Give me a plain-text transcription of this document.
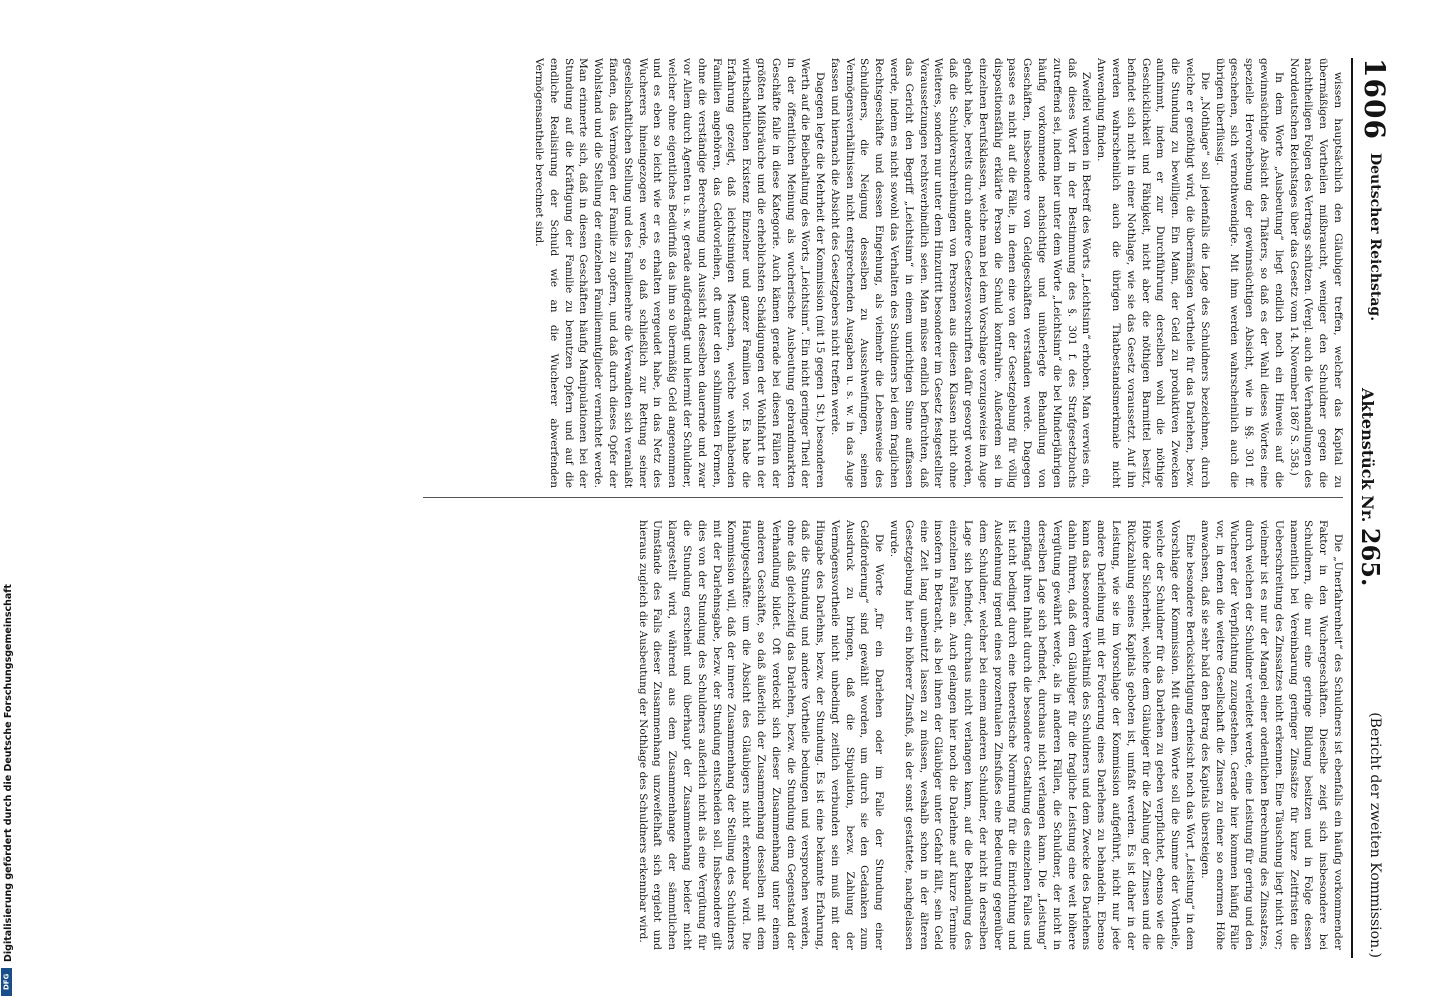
1606
Deutscher Reichstag.
Aktenstück Nr. 265.
(Bericht der zweiten Kommission.)

wissen hauptsächlich den Gläubiger treffen, welcher das Kapital zu übermäßigen Vortheilen mißbraucht, weniger den Schuldner gegen die nachtheiligen Folgen des Vertrags schützen. (Vergl. auch die Verhandlungen des Norddeutschen Reichstages über das Gesetz vom 14. November 1867 S. 358.)

In dem Worte „Ausbeutung“ liegt endlich noch ein Hinweis auf die gewinnsüchtige Absicht des Thäters, so daß es der Wahl dieses Wortes eine spezielle Hervorhebung der gewinnsüchtigen Absicht, wie in §§. 301 ff. geschehen, sich vernothwendigte. Mit ihm werden wahrscheinlich auch die übrigen überflüssig.

Die „Nothlage“ soll jedenfalls die Lage des Schuldners bezeichnen, durch welche er genöthigt wird, die übermäßigen Vortheile für das Darlehen, bezw. die Stundung zu bewilligen. Ein Mann, der Geld zu produktiven Zwecken aufnimmt, indem er zur Durchführung derselben wohl die nöthige Geschicklichkeit und Fähigkeit, nicht aber die nöthigen Barmittel besitzt, befindet sich nicht in einer Nothlage, wie sie das Gesetz voraussetzt. Auf ihn werden wahrscheinlich auch die übrigen Thatbestandsmerkmale nicht Anwendung finden.

Zweifel wurden in Betreff des Worts „Leichtsinn“ erhoben. Man verwies ein, daß dieses Wort in der Bestimmung des §. 301 f. des Strafgesetzbuchs zutreffend sei, indem hier unter dem Worte „Leichtsinn“ die bei Minderjährigen häufig vorkommende nachsichtige und unüberlegte Behandlung von Geschäften, insbesondere von Geldgeschäften verstanden werde. Dagegen passe es nicht auf die Fälle, in denen eine von der Gesetzgebung für völlig dispositionsfähig erklärte Person die Schuld kontrahire. Außerdem sei in einzelnen Berufsklassen, welche man bei dem Vorschlage vorzugsweise im Auge gehabt habe, bereits durch andere Gesetzesvorschriften dafür gesorgt worden, daß die Schuldverschreibungen von Personen aus diesen Klassen nicht ohne Weiteres, sondern nur unter dem Hinzutritt besonderer im Gesetz festgestellter Voraussetzungen rechtsverbindlich seien. Man müsse endlich befürchten, daß das Gericht den Begriff „Leichtsinn“ in einem unrichtigen Sinne auffassen werde, indem es nicht sowohl das Verhalten des Schuldners bei dem fraglichen Rechtsgeschäfte und dessen Eingehung, als vielmehr die Lebensweise des Schuldners, die Neigung desselben zu Ausschweifungen, seinen Vermögensverhältnissen nicht entsprechenden Ausgaben u. s. w. in das Auge fassen und hiernach die Absicht des Gesetzgebers nicht treffen werde.

Dagegen legte die Mehrheit der Kommission (mit 15 gegen 1 St.) besonderen Werth auf die Beibehaltung des Worts „Leichtsinn“. Ein nicht geringer Theil der in der öffentlichen Meinung als wucherische Ausbeutung gebrandmarkten Geschäfte falle in diese Kategorie. Auch kämen gerade bei diesen Fällen der größten Mißbräuche und die erheblichsten Schädigungen der Wohlfahrt in der wirthschaftlichen Existenz Einzelner und ganzer Familien vor. Es habe die Erfahrung gezeigt, daß leichtsinnigen Menschen, welche wohlhabenden Familien angehören, das Geldvorleihen, oft unter den schlimmsten Formen, ohne die verständige Berechnung und Aussicht desselben dauernde und zwar vor Allem durch Agenten u. s. w. gerade aufgedrängt und hiermit der Schuldner, welcher ohne eigentliches Bedürfniß das ihm so übermäßig Geld angenommen und es eben so leicht wie er es erhalten vergeudet habe, in das Netz des Wucherers hineingezogen werde, so daß schließlich zur Rettung seiner gesellschaftlichen Stellung und des Familienehre die Verwandten sich veranlaßt fänden, das Vermögen der Familie zu opfern, und daß durch dieses Opfer der Wohlstand und die Stellung der einzelnen Familienmitglieder vernichtet werde. Man erinnerte sich, daß in diesen Geschäften häufig Manipulationen bei der Stundung auf die Kräftigung der Familie zu benutzen Opfern und auf die endliche Realisirung der Schuld wie an die Wucherer abwerfenden Vermögensantheile berechnet sind.

Die „Unerfahrenheit“ des Schuldners ist ebenfalls ein häufig vorkommender Faktor in den Wuchergeschäften. Dieselbe zeigt sich insbesondere bei Schuldnern, die nur eine geringe Bildung besitzen und in Folge dessen namentlich bei Vereinbarung geringer Zinssätze für kurze Zeitfristen die Ueberschreitung des Zinssatzes nicht erkennen. Eine Täuschung liegt nicht vor; vielmehr ist es nur der Mangel einer ordentlichen Berechnung des Zinssatzes, durch welchen der Schuldner verleitet werde, eine Leistung für gering und den Wucherer der Verpflichtung zuzugestehen. Gerade hier kommen häufig Fälle vor, in denen die weitere Gesellschaft die Zinsen zu einer so enormen Höhe anwachsen, daß sie sehr bald den Betrag des Kapitals übersteigen.

Eine besondere Berücksichtigung erheischt noch das Wort „Leistung“ in dem Vorschlage der Kommission. Mit diesem Worte soll die Summe der Vortheile, welche der Schuldner für das Darlehen zu geben verpflichtet, ebenso wie die Höhe der Sicherheit, welche dem Gläubiger für die Zahlung der Zinsen und die Rückzahlung seines Kapitals geboten ist, umfaßt werden. Es ist daher in der Leistung, wie sie im Vorschlage der Kommission aufgeführt, nicht nur jede andere Darleihung mit der Forderung eines Darlehens zu behandeln. Ebenso kann das besondere Verhältniß des Schuldners und dem Zwecke des Darlehens dahin führen, daß dem Gläubiger für die fragliche Leistung eine weit höhere Vergütung gewährt werde, als in anderen Fällen, die Schuldner, der nicht in derselben Lage sich befindet, durchaus nicht verlangen kann. Die „Leistung“ empfängt ihren Inhalt durch die besondere Gestaltung des einzelnen Falles und ist nicht bedingt durch eine theoretische Normirung für die Einrichtung und Ausdehnung irgend eines prozentualen Zinsfußes eine Bedeutung gegenüber dem Schuldner, welcher bei einem anderen Schuldner, der nicht in derselben Lage sich befindet, durchaus nicht verlangen kann, auf die Behandlung des einzelnen Falles an. Auch gelangen hier noch die Darlehne auf kurze Termine insofern in Betracht, als bei ihnen der Gläubiger unter Gefahr fällt, sein Geld eine Zeit lang unbenutzt lassen zu müssen, weshalb schon in der älteren Gesetzgebung hier ein höherer Zinsfuß, als der sonst gestattete, nachgelassen wurde.

Die Worte „für ein Darlehen oder im Falle der Stundung einer Geldforderung“ sind gewählt worden, um durch sie den Gedanken zum Ausdruck zu bringen, daß die Stipulation, bezw. Zahlung der Vermögensvortheile nicht unbedingt zeitlich verbunden sein muß mit der Hingabe des Darlehns, bezw. der Stundung. Es ist eine bekannte Erfahrung, daß die Stundung und andere Vortheile bedungen und versprochen werden, ohne daß gleichzeitig das Darlehen, bezw. die Stundung dem Gegenstand der Verhandlung bildet. Oft verdeckt sich dieser Zusammenhang unter einem anderen Geschäfte, so daß äußerlich der Zusammenhang desselben mit dem Hauptgeschäfte: um die Absicht des Gläubigers nicht erkennbar wird. Die Kommission will, daß der innere Zusammenhang der Stellung des Schuldners mit der Darlehnsgabe, bezw. der Stundung entscheiden soll. Insbesondere gilt dies von der Stundung des Schuldners außerlich nicht als eine Vergütung für die Stundung erscheint und überhaupt der Zusammenhang beider nicht klargestellt wird, während aus dem Zusammenhange der sämmtlichen Umstände des Falls dieser Zusammenhang unzweifelhaft sich ergiebt und hieraus zugleich die Ausbeutung der Nothlage des Schuldners erkennbar wird.

Digitalisierung gefördert durch die Deutsche Forschungsgemeinschaft
DFG
